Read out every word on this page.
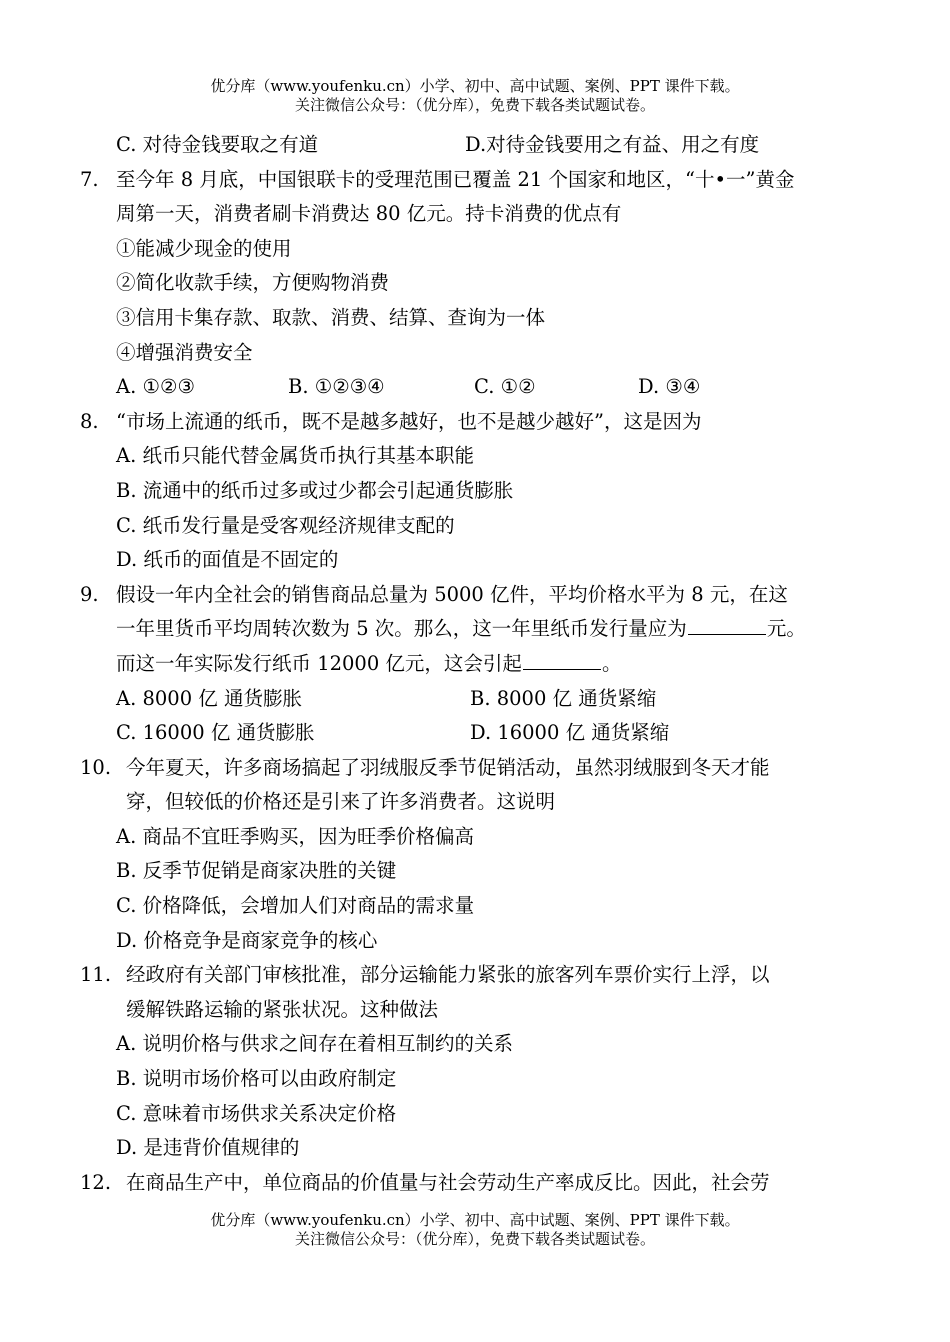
优分库（www.youfenku.cn）小学、初中、高中试题、案例、PPT 课件下载。
关注微信公众号：（优分库），免费下载各类试题试卷。
C. 对待金钱要取之有道	D.对待金钱要用之有益、用之有度
7. 至今年 8 月底，中国银联卡的受理范围已覆盖 21 个国家和地区，“十•一”黄金
周第一天，消费者刷卡消费达 80 亿元。持卡消费的优点有
①能减少现金的使用
②简化收款手续，方便购物消费
③信用卡集存款、取款、消费、结算、查询为一体
④增强消费安全
A. ①②③	B. ①②③④	C. ①②	D. ③④
8. “市场上流通的纸币，既不是越多越好，也不是越少越好”，这是因为
A. 纸币只能代替金属货币执行其基本职能
B. 流通中的纸币过多或过少都会引起通货膨胀
C. 纸币发行量是受客观经济规律支配的
D. 纸币的面值是不固定的
9. 假设一年内全社会的销售商品总量为 5000 亿件，平均价格水平为 8 元，在这
一年里货币平均周转次数为 5 次。那么，这一年里纸币发行量应为	元。
而这一年实际发行纸币 12000 亿元，这会引起	。
A. 8000 亿 通货膨胀	B. 8000 亿 通货紧缩
C. 16000 亿 通货膨胀	D. 16000 亿 通货紧缩
10. 今年夏天，许多商场搞起了羽绒服反季节促销活动，虽然羽绒服到冬天才能
穿，但较低的价格还是引来了许多消费者。这说明
A. 商品不宜旺季购买，因为旺季价格偏高
B. 反季节促销是商家决胜的关键
C. 价格降低，会增加人们对商品的需求量
D. 价格竞争是商家竞争的核心
11. 经政府有关部门审核批准，部分运输能力紧张的旅客列车票价实行上浮，以
缓解铁路运输的紧张状况。这种做法
A. 说明价格与供求之间存在着相互制约的关系
B. 说明市场价格可以由政府制定
C. 意味着市场供求关系决定价格
D. 是违背价值规律的
12. 在商品生产中，单位商品的价值量与社会劳动生产率成反比。因此，社会劳
优分库（www.youfenku.cn）小学、初中、高中试题、案例、PPT 课件下载。
关注微信公众号：（优分库），免费下载各类试题试卷。
